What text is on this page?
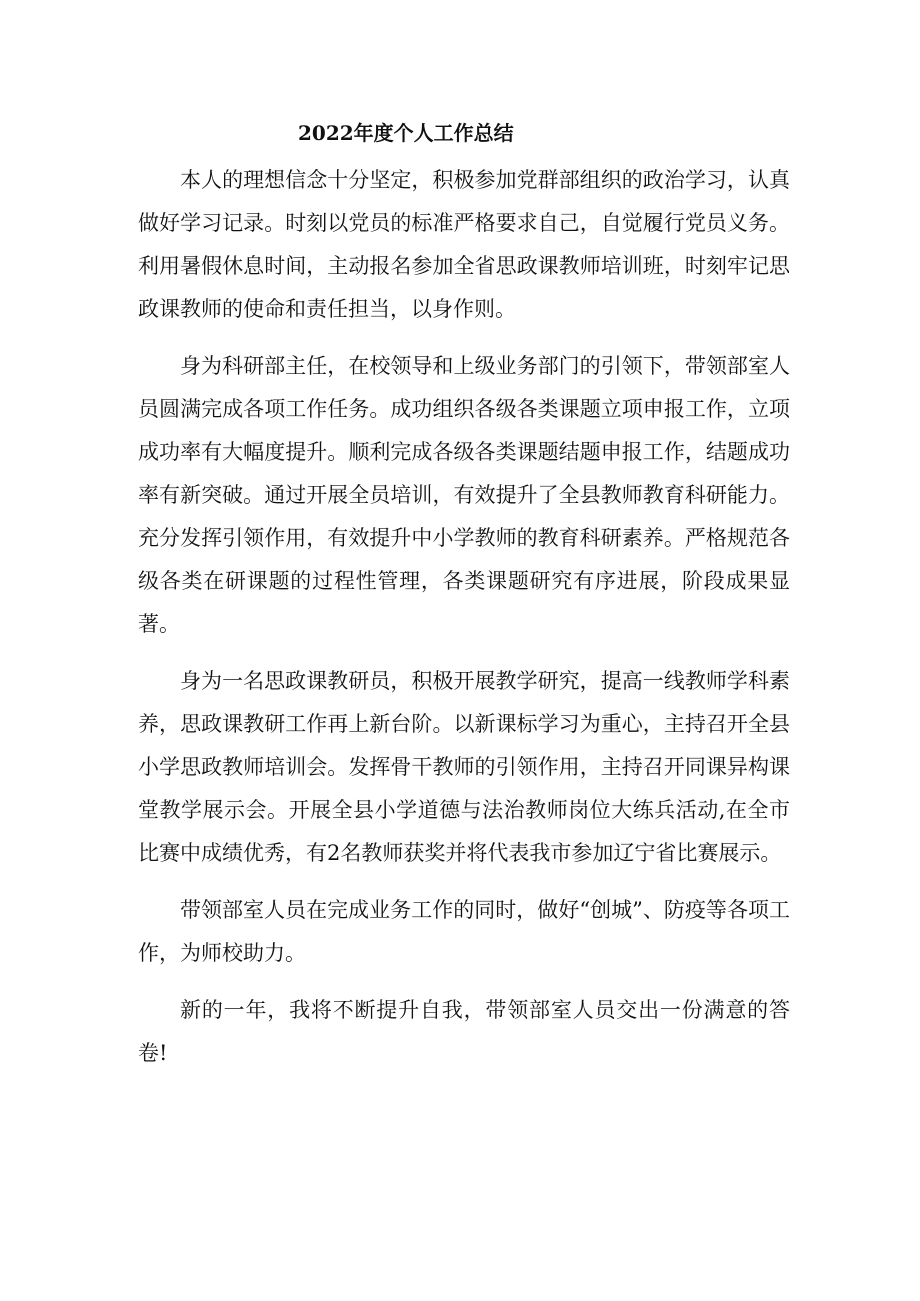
2022年度个人工作总结

本人的理想信念十分坚定，积极参加党群部组织的政治学习，认真做好学习记录。时刻以党员的标准严格要求自己，自觉履行党员义务。利用暑假休息时间，主动报名参加全省思政课教师培训班，时刻牢记思政课教师的使命和责任担当，以身作则。

身为科研部主任，在校领导和上级业务部门的引领下，带领部室人员圆满完成各项工作任务。成功组织各级各类课题立项申报工作，立项成功率有大幅度提升。顺利完成各级各类课题结题申报工作，结题成功率有新突破。通过开展全员培训，有效提升了全县教师教育科研能力。充分发挥引领作用，有效提升中小学教师的教育科研素养。严格规范各级各类在研课题的过程性管理，各类课题研究有序进展，阶段成果显著。

身为一名思政课教研员，积极开展教学研究，提高一线教师学科素养，思政课教研工作再上新台阶。以新课标学习为重心，主持召开全县小学思政教师培训会。发挥骨干教师的引领作用，主持召开同课异构课堂教学展示会。开展全县小学道德与法治教师岗位大练兵活动,在全市比赛中成绩优秀，有2名教师获奖并将代表我市参加辽宁省比赛展示。

带领部室人员在完成业务工作的同时，做好“创城”、防疫等各项工作，为师校助力。

新的一年，我将不断提升自我，带领部室人员交出一份满意的答卷!
